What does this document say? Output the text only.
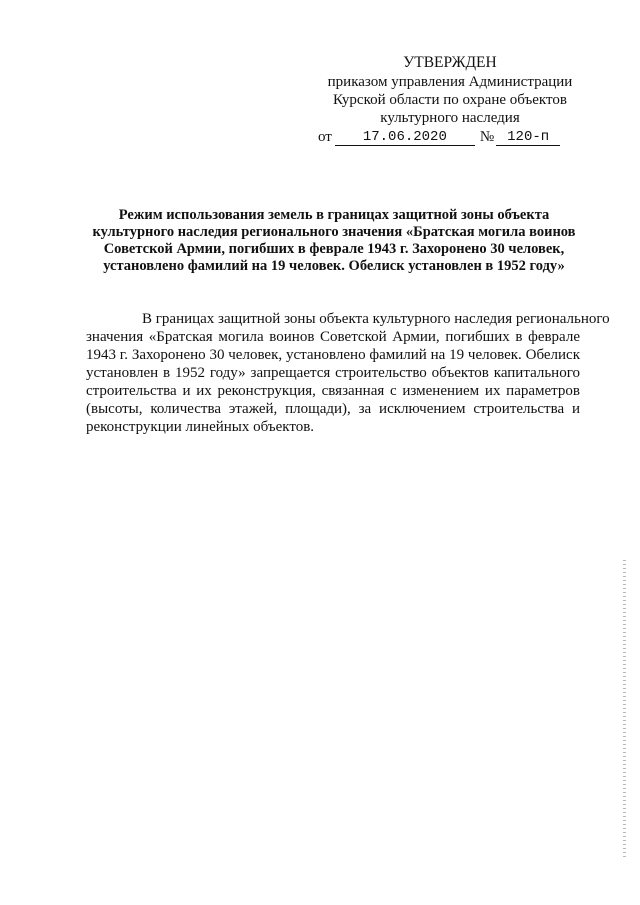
УТВЕРЖДЕН
приказом управления Администрации
Курской области по охране объектов
культурного наследия
от	17.06.2020	№ 120-п
Режим использования земель в границах защитной зоны объекта
культурного наследия регионального значения «Братская могила воинов
Советской Армии, погибших в феврале 1943 г. Захоронено 30 человек,
установлено фамилий на 19 человек. Обелиск установлен в 1952 году»
В границах защитной зоны объекта культурного наследия регионального
значения «Братская могила воинов Советской Армии, погибших в феврале
1943 г. Захоронено 30 человек, установлено фамилий на 19 человек. Обелиск
установлен в 1952 году» запрещается строительство объектов капитального
строительства и их реконструкция, связанная с изменением их параметров
(высоты, количества этажей, площади), за исключением строительства и
реконструкции линейных объектов.
